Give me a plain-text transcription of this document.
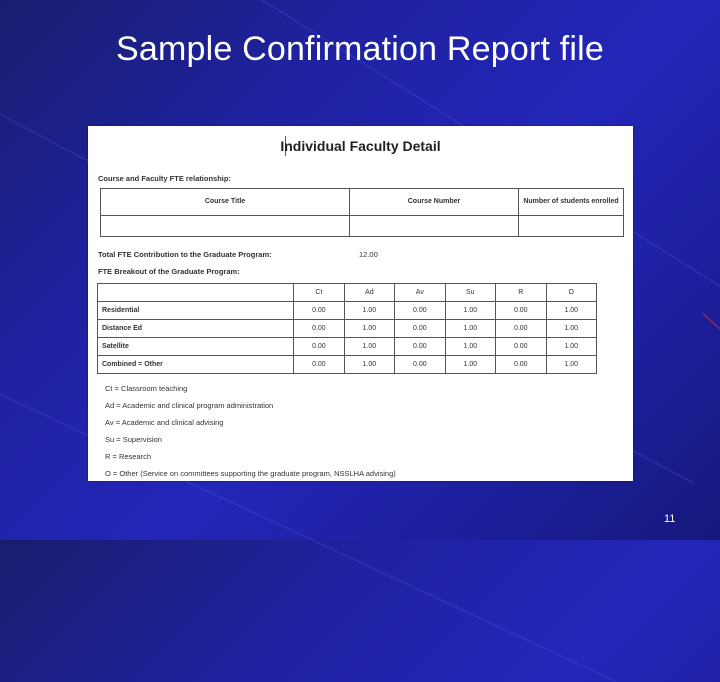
Sample Confirmation Report file
Individual Faculty Detail
Course and Faculty FTE relationship:
Course Title	Course Number	Number of students enrolled

Total FTE Contribution to the Graduate Program:	12.00
FTE Breakout of the Graduate Program:
	Ct	Ad	Av	Su	R	O
Residential	0.00	1.00	0.00	1.00	0.00	1.00
Distance Ed	0.00	1.00	0.00	1.00	0.00	1.00
Satellite	0.00	1.00	0.00	1.00	0.00	1.00
Combined = Other	0.00	1.00	0.00	1.00	0.00	1.00
Ct = Classroom teaching
Ad = Academic and clinical program administration
Av = Academic and clinical advising
Su = Supervision
R = Research
O = Other (Service on committees supporting the graduate program, NSSLHA advising)
11
